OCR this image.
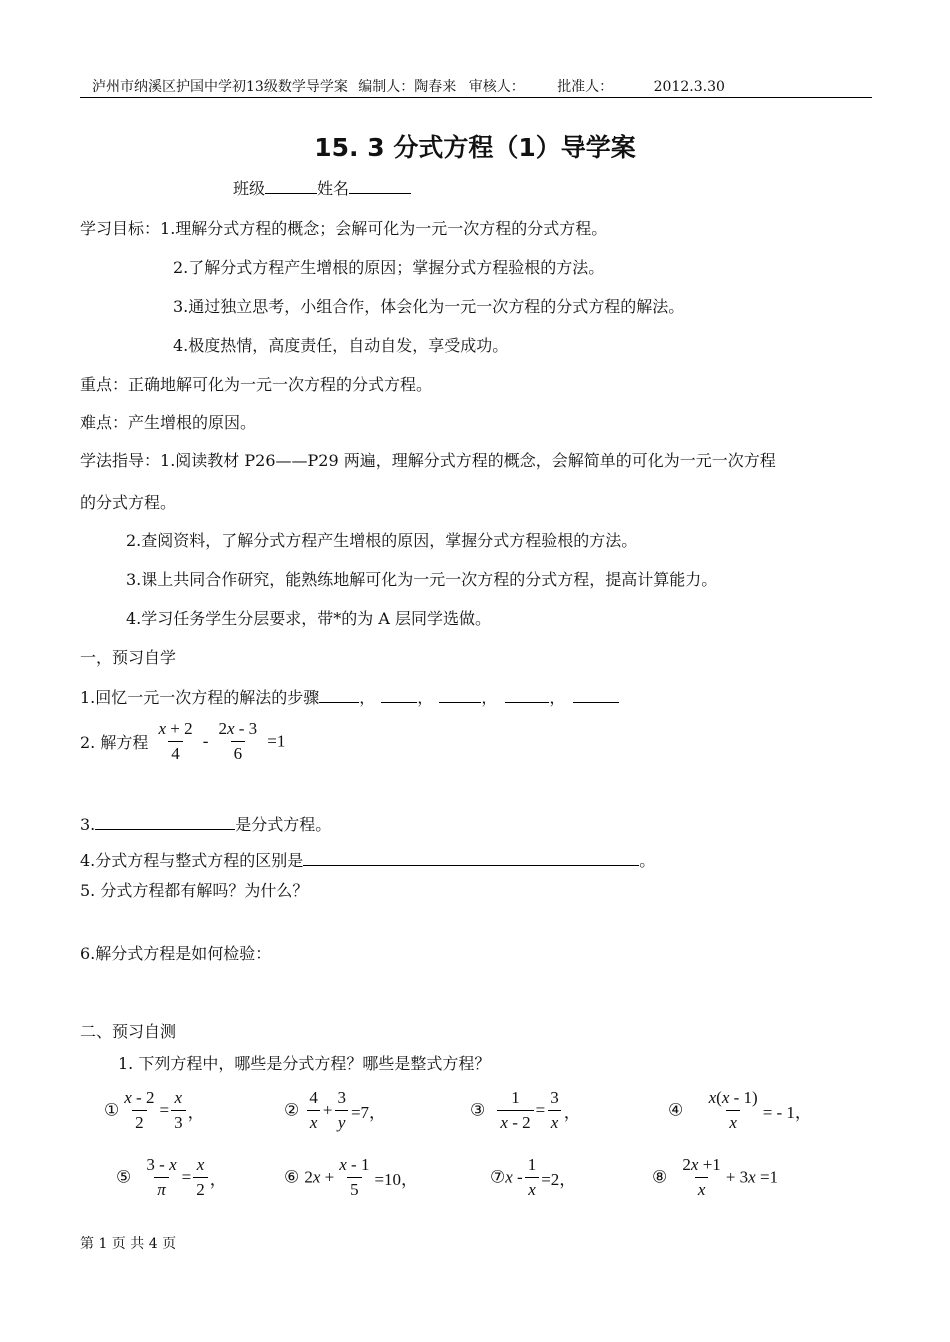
泸州市纳溪区护国中学初13级数学导学案 编制人：陶春来 审核人： 批准人：	2012.3.30
15. 3 分式方程（1）导学案
班级	姓名
学习目标：1.理解分式方程的概念；会解可化为一元一次方程的分式方程。
2.了解分式方程产生增根的原因；掌握分式方程验根的方法。
3.通过独立思考，小组合作，体会化为一元一次方程的分式方程的解法。
4.极度热情，高度责任，自动自发，享受成功。
重点：正确地解可化为一元一次方程的分式方程。
难点：产生增根的原因。
学法指导：1.阅读教材 P26——P29 两遍，理解分式方程的概念，会解简单的可化为一元一次方程
的分式方程。
2.查阅资料，了解分式方程产生增根的原因，掌握分式方程验根的方法。
3.课上共同合作研究，能熟练地解可化为一元一次方程的分式方程，提高计算能力。
4.学习任务学生分层要求，带*的为 A 层同学选做。
一，预习自学
1.回忆一元一次方程的解法的步骤	，	，	，	，
2. 解方程 $\frac{x + 2}{4} - \frac{2x - 3}{6} =1$
3.	是分式方程。
4.分式方程与整式方程的区别是	。
5. 分式方程都有解吗？为什么？
6.解分式方程是如何检验：
二、预习自测
1. 下列方程中，哪些是分式方程？哪些是整式方程？
① $\frac{x - 2}{2} = \frac{x}{3}$ ，	② $\frac{4}{x} + \frac{3}{y} =7$，	③ $\frac{1}{x - 2} = \frac{3}{x}$ ，	④ $\frac{x(x - 1)}{x}$ = - 1，
⑤ $\frac{3 - x}{\pi} = \frac{x}{2}$ ，	⑥ $2x + \frac{x - 1}{5} =10$，	⑦x - $\frac{1}{x} =2$，	⑧ $\frac{2x +1}{x} + 3x =1$
第 1 页 共 4 页
